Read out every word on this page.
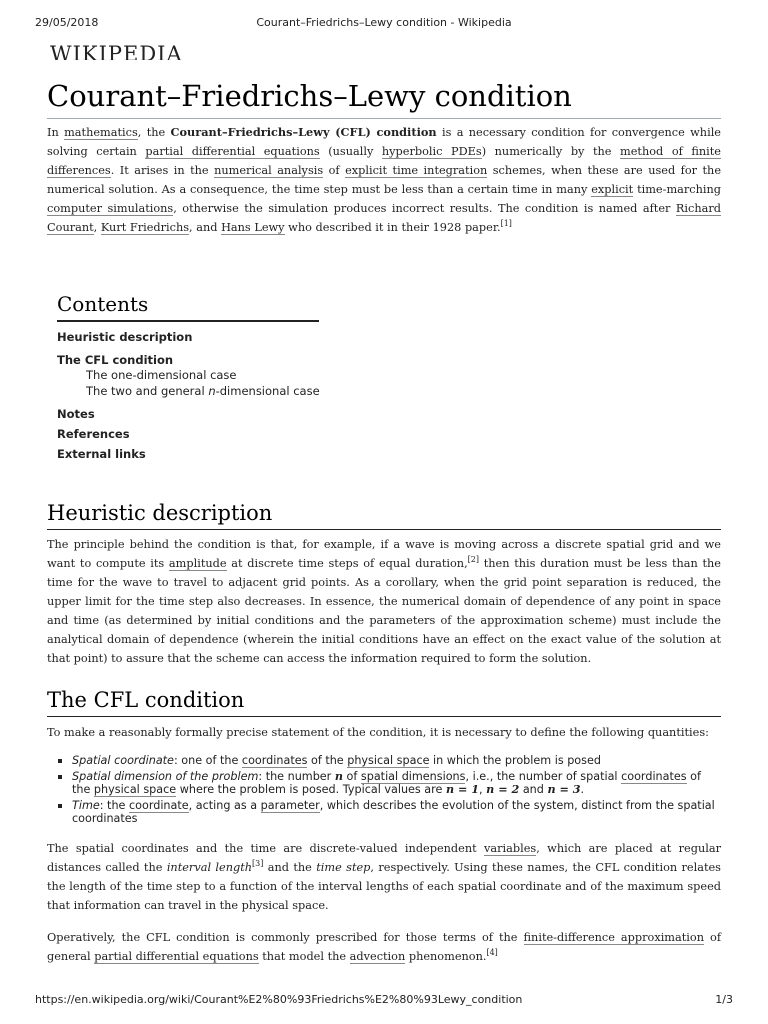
29/05/2018	Courant–Friedrichs–Lewy condition - Wikipedia
WIKIPEDIA
Courant–Friedrichs–Lewy condition

In mathematics, the Courant–Friedrichs–Lewy (CFL) condition is a necessary condition for convergence while solving certain partial differential equations (usually hyperbolic PDEs) numerically by the method of finite differences. It arises in the numerical analysis of explicit time integration schemes, when these are used for the numerical solution. As a consequence, the time step must be less than a certain time in many explicit time-marching computer simulations, otherwise the simulation produces incorrect results. The condition is named after Richard Courant, Kurt Friedrichs, and Hans Lewy who described it in their 1928 paper.[1]

Contents
Heuristic description
The CFL condition
The one-dimensional case
The two and general n-dimensional case
Notes
References
External links
Heuristic description

The principle behind the condition is that, for example, if a wave is moving across a discrete spatial grid and we want to compute its amplitude at discrete time steps of equal duration,[2] then this duration must be less than the time for the wave to travel to adjacent grid points. As a corollary, when the grid point separation is reduced, the upper limit for the time step also decreases. In essence, the numerical domain of dependence of any point in space and time (as determined by initial conditions and the parameters of the approximation scheme) must include the analytical domain of dependence (wherein the initial conditions have an effect on the exact value of the solution at that point) to assure that the scheme can access the information required to form the solution.

The CFL condition

To make a reasonably formally precise statement of the condition, it is necessary to define the following quantities:

Spatial coordinate: one of the coordinates of the physical space in which the problem is posed
Spatial dimension of the problem: the number n of spatial dimensions, i.e., the number of spatial coordinates of the physical space where the problem is posed. Typical values are n = 1, n = 2 and n = 3.
Time: the coordinate, acting as a parameter, which describes the evolution of the system, distinct from the spatial coordinates

The spatial coordinates and the time are discrete-valued independent variables, which are placed at regular distances called the interval length[3] and the time step, respectively. Using these names, the CFL condition relates the length of the time step to a function of the interval lengths of each spatial coordinate and of the maximum speed that information can travel in the physical space.

Operatively, the CFL condition is commonly prescribed for those terms of the finite-difference approximation of general partial differential equations that model the advection phenomenon.[4]

https://en.wikipedia.org/wiki/Courant%E2%80%93Friedrichs%E2%80%93Lewy_condition	1/3
